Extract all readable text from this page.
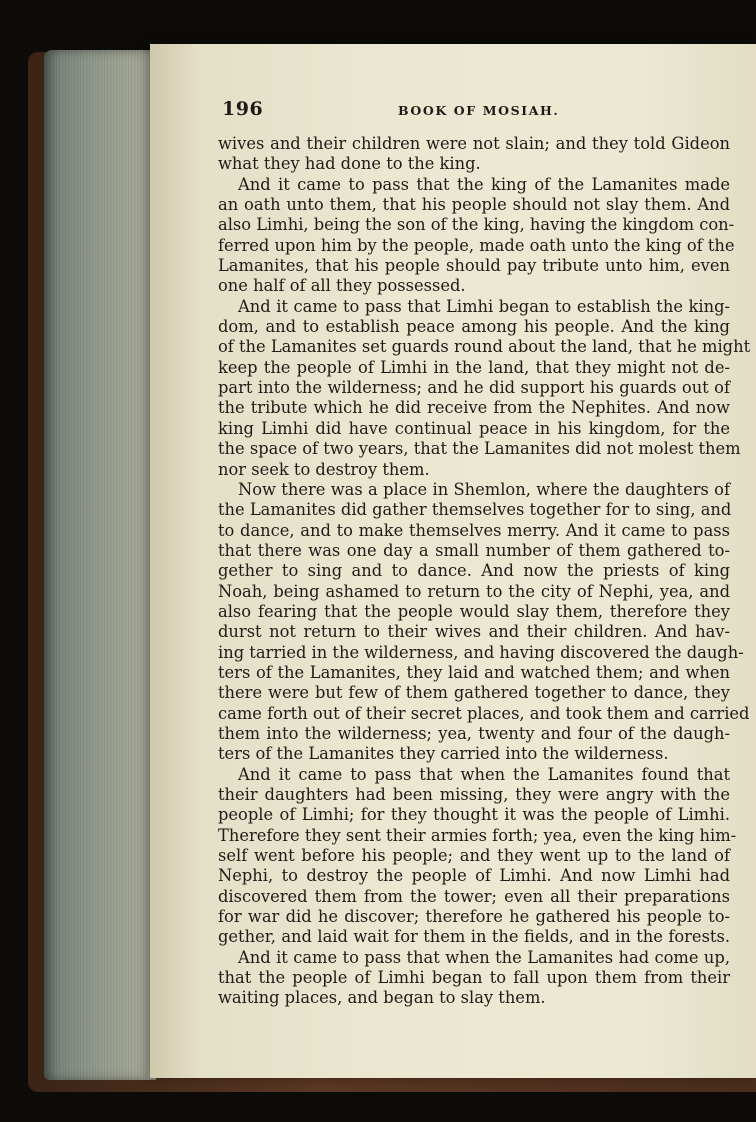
196	BOOK OF MOSIAH.
wives and their children were not slain; and they told Gideon
what they had done to the king.
And it came to pass that the king of the Lamanites made
an oath unto them, that his people should not slay them. And
also Limhi, being the son of the king, having the kingdom con-
ferred upon him by the people, made oath unto the king of the
Lamanites, that his people should pay tribute unto him, even
one half of all they possessed.
And it came to pass that Limhi began to establish the king-
dom, and to establish peace among his people. And the king
of the Lamanites set guards round about the land, that he might
keep the people of Limhi in the land, that they might not de-
part into the wilderness; and he did support his guards out of
the tribute which he did receive from the Nephites. And now
king Limhi did have continual peace in his kingdom, for the
the space of two years, that the Lamanites did not molest them
nor seek to destroy them.
Now there was a place in Shemlon, where the daughters of
the Lamanites did gather themselves together for to sing, and
to dance, and to make themselves merry. And it came to pass
that there was one day a small number of them gathered to-
gether to sing and to dance. And now the priests of king
Noah, being ashamed to return to the city of Nephi, yea, and
also fearing that the people would slay them, therefore they
durst not return to their wives and their children. And hav-
ing tarried in the wilderness, and having discovered the daugh-
ters of the Lamanites, they laid and watched them; and when
there were but few of them gathered together to dance, they
came forth out of their secret places, and took them and carried
them into the wilderness; yea, twenty and four of the daugh-
ters of the Lamanites they carried into the wilderness.
And it came to pass that when the Lamanites found that
their daughters had been missing, they were angry with the
people of Limhi; for they thought it was the people of Limhi.
Therefore they sent their armies forth; yea, even the king him-
self went before his people; and they went up to the land of
Nephi, to destroy the people of Limhi. And now Limhi had
discovered them from the tower; even all their preparations
for war did he discover; therefore he gathered his people to-
gether, and laid wait for them in the fields, and in the forests.
And it came to pass that when the Lamanites had come up,
that the people of Limhi began to fall upon them from their
waiting places, and began to slay them.
